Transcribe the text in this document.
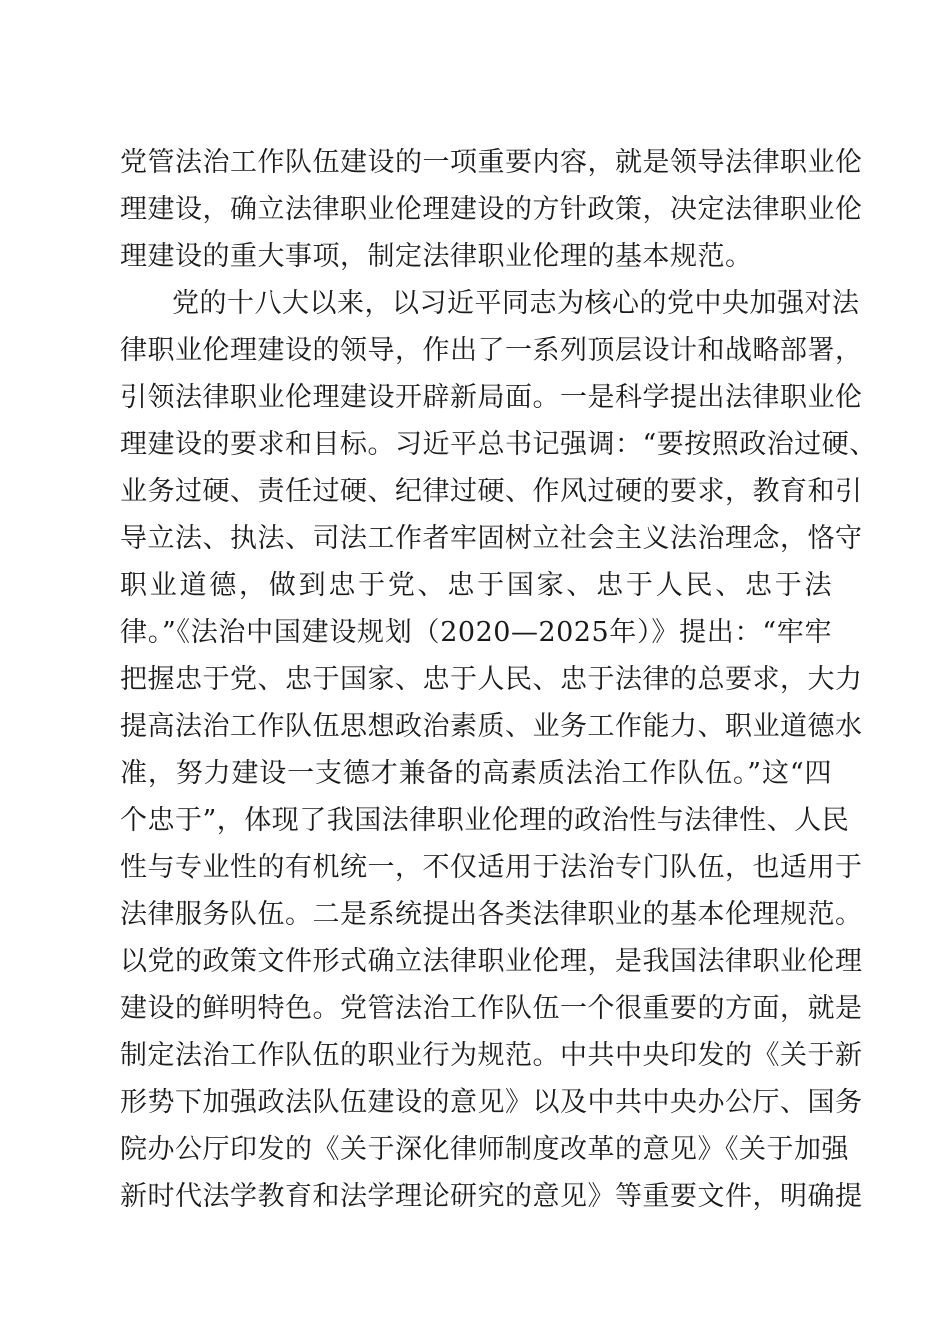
党管法治工作队伍建设的一项重要内容，就是领导法律职业伦
理建设，确立法律职业伦理建设的方针政策，决定法律职业伦
理建设的重大事项，制定法律职业伦理的基本规范。
党的十八大以来，以习近平同志为核心的党中央加强对法
律职业伦理建设的领导，作出了一系列顶层设计和战略部署，
引领法律职业伦理建设开辟新局面。一是科学提出法律职业伦
理建设的要求和目标。习近平总书记强调：“要按照政治过硬、
业务过硬、责任过硬、纪律过硬、作风过硬的要求，教育和引
导立法、执法、司法工作者牢固树立社会主义法治理念，恪守
职业道德，做到忠于党、忠于国家、忠于人民、忠于法
律。”《法治中国建设规划（2020—2025年）》提出：“牢牢
把握忠于党、忠于国家、忠于人民、忠于法律的总要求，大力
提高法治工作队伍思想政治素质、业务工作能力、职业道德水
准，努力建设一支德才兼备的高素质法治工作队伍。”这“四
个忠于”，体现了我国法律职业伦理的政治性与法律性、人民
性与专业性的有机统一，不仅适用于法治专门队伍，也适用于
法律服务队伍。二是系统提出各类法律职业的基本伦理规范。
以党的政策文件形式确立法律职业伦理，是我国法律职业伦理
建设的鲜明特色。党管法治工作队伍一个很重要的方面，就是
制定法治工作队伍的职业行为规范。中共中央印发的《关于新
形势下加强政法队伍建设的意见》以及中共中央办公厅、国务
院办公厅印发的《关于深化律师制度改革的意见》《关于加强
新时代法学教育和法学理论研究的意见》等重要文件，明确提
